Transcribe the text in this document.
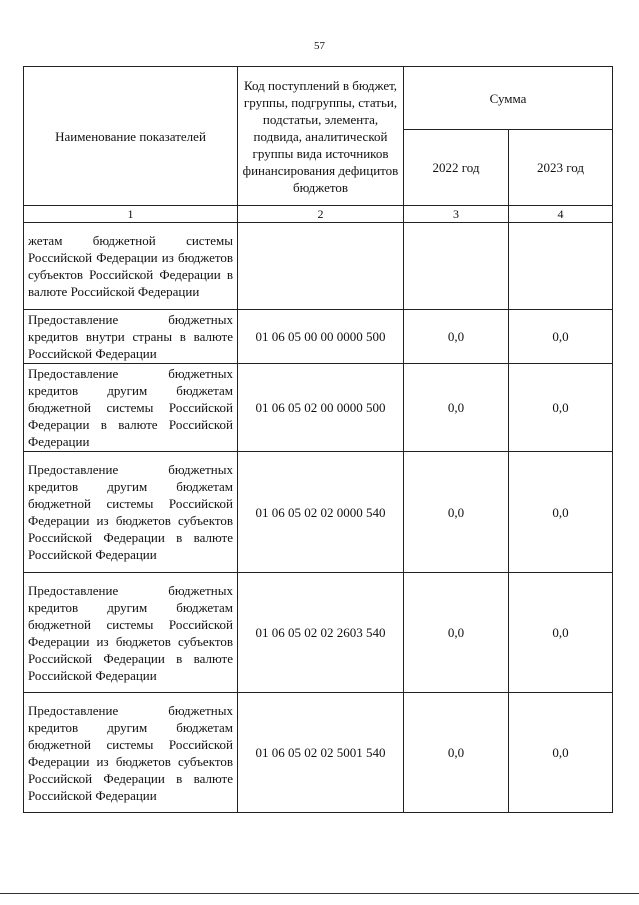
57
Наименование показателей	Код поступлений в бюджет, группы, подгруппы, статьи, подстатьи, элемента, подвида, аналитической группы вида источников финансирования дефицитов бюджетов	Сумма	
		2022 год	2023 год
1	2	3	4
жетам бюджетной системы Российской Федерации из бюджетов субъектов Российской Федерации в валюте Российской Федерации			
Предоставление бюджетных кредитов внутри страны в валюте Российской Федерации	01 06 05 00 00 0000 500	0,0	0,0
Предоставление бюджетных кредитов другим бюджетам бюджетной системы Российской Федерации в валюте Российской Федерации	01 06 05 02 00 0000 500	0,0	0,0
Предоставление бюджетных кредитов другим бюджетам бюджетной системы Российской Федерации из бюджетов субъектов Российской Федерации в валюте Российской Федерации	01 06 05 02 02 0000 540	0,0	0,0
Предоставление бюджетных кредитов другим бюджетам бюджетной системы Российской Федерации из бюджетов субъектов Российской Федерации в валюте Российской Федерации	01 06 05 02 02 2603 540	0,0	0,0
Предоставление бюджетных кредитов другим бюджетам бюджетной системы Российской Федерации из бюджетов субъектов Российской Федерации в валюте Российской Федерации	01 06 05 02 02 5001 540	0,0	0,0
